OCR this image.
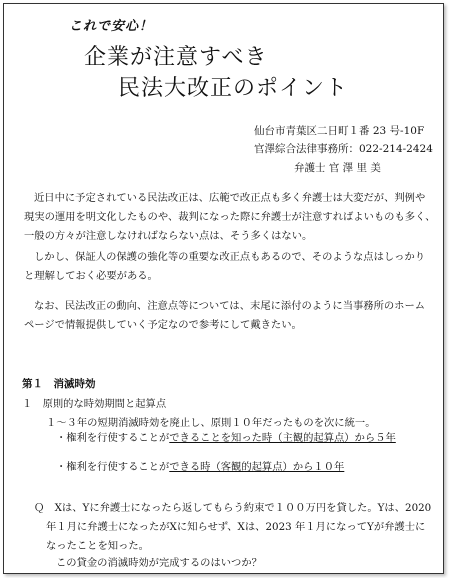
これで安心！
企業が注意すべき
民法大改正のポイント
仙台市青葉区二日町１番 23 号-10F
官澤綜合法律事務所：022-214-2424
弁護士 官 澤 里 美
近日中に予定されている民法改正は、広範で改正点も多く弁護士は大変だが、判例や
現実の運用を明文化したものや、裁判になった際に弁護士が注意すればよいものも多く、
一般の方々が注意しなければならない点は、そう多くはない。
しかし、保証人の保護の強化等の重要な改正点もあるので、そのような点はしっかり
と理解しておく必要がある。
なお、民法改正の動向、注意点等については、末尾に添付のように当事務所のホーム
ページで情報提供していく予定なので参考にして戴きたい。
第１　消滅時効
１　原則的な時効期間と起算点
１～３年の短期消滅時効を廃止し、原則１０年だったものを次に統一。
・権利を行使することができることを知った時（主観的起算点）から５年
・権利を行使することができる時（客観的起算点）から１０年
Ｑ　Xは、Yに弁護士になったら返してもらう約束で１００万円を貸した。Yは、2020
年１月に弁護士になったがXに知らせず、Xは、2023 年１月になってYが弁護士に
なったことを知った。
この貸金の消滅時効が完成するのはいつか？
